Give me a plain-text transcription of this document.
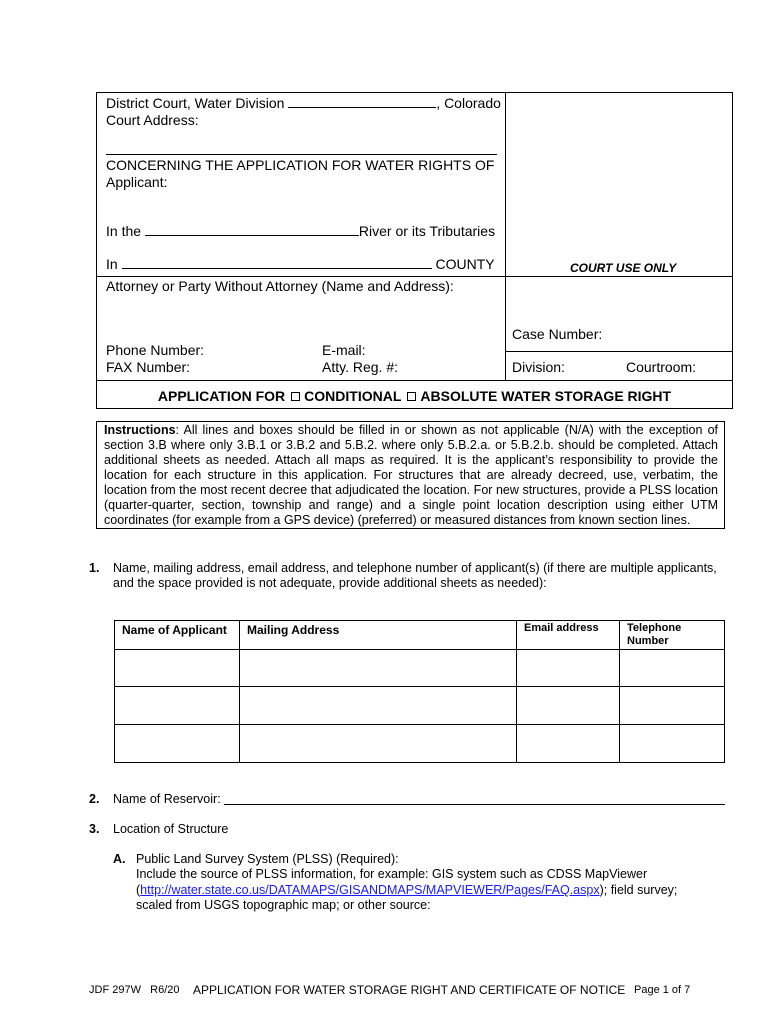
District Court, Water Division	, Colorado
Court Address:
CONCERNING THE APPLICATION FOR WATER RIGHTS OF
Applicant:
In the	River or its Tributaries
In	COUNTY	COURT USE ONLY
Attorney or Party Without Attorney (Name and Address):
Case Number:
Phone Number:	E-mail:
FAX Number:	Atty. Reg. #:	Division:	Courtroom:
APPLICATION FOR CONDITIONAL ABSOLUTE WATER STORAGE RIGHT
Instructions: All lines and boxes should be filled in or shown as not applicable (N/A) with the exception of section 3.B where only 3.B.1 or 3.B.2 and 5.B.2. where only 5.B.2.a. or 5.B.2.b. should be completed. Attach additional sheets as needed. Attach all maps as required. It is the applicant’s responsibility to provide the location for each structure in this application. For structures that are already decreed, use, verbatim, the location from the most recent decree that adjudicated the location. For new structures, provide a PLSS location (quarter-quarter, section, township and range) and a single point location description using either UTM coordinates (for example from a GPS device) (preferred) or measured distances from known section lines.
1. Name, mailing address, email address, and telephone number of applicant(s) (if there are multiple applicants, and the space provided is not adequate, provide additional sheets as needed):
Name of Applicant	Mailing Address	Email address	Telephone Number

2. Name of Reservoir:
3. Location of Structure
A. Public Land Survey System (PLSS) (Required):
Include the source of PLSS information, for example: GIS system such as CDSS MapViewer
(http://water.state.co.us/DATAMAPS/GISANDMAPS/MAPVIEWER/Pages/FAQ.aspx); field survey;
scaled from USGS topographic map; or other source:
JDF 297W R6/20 APPLICATION FOR WATER STORAGE RIGHT AND CERTIFICATE OF NOTICE Page 1 of 7
